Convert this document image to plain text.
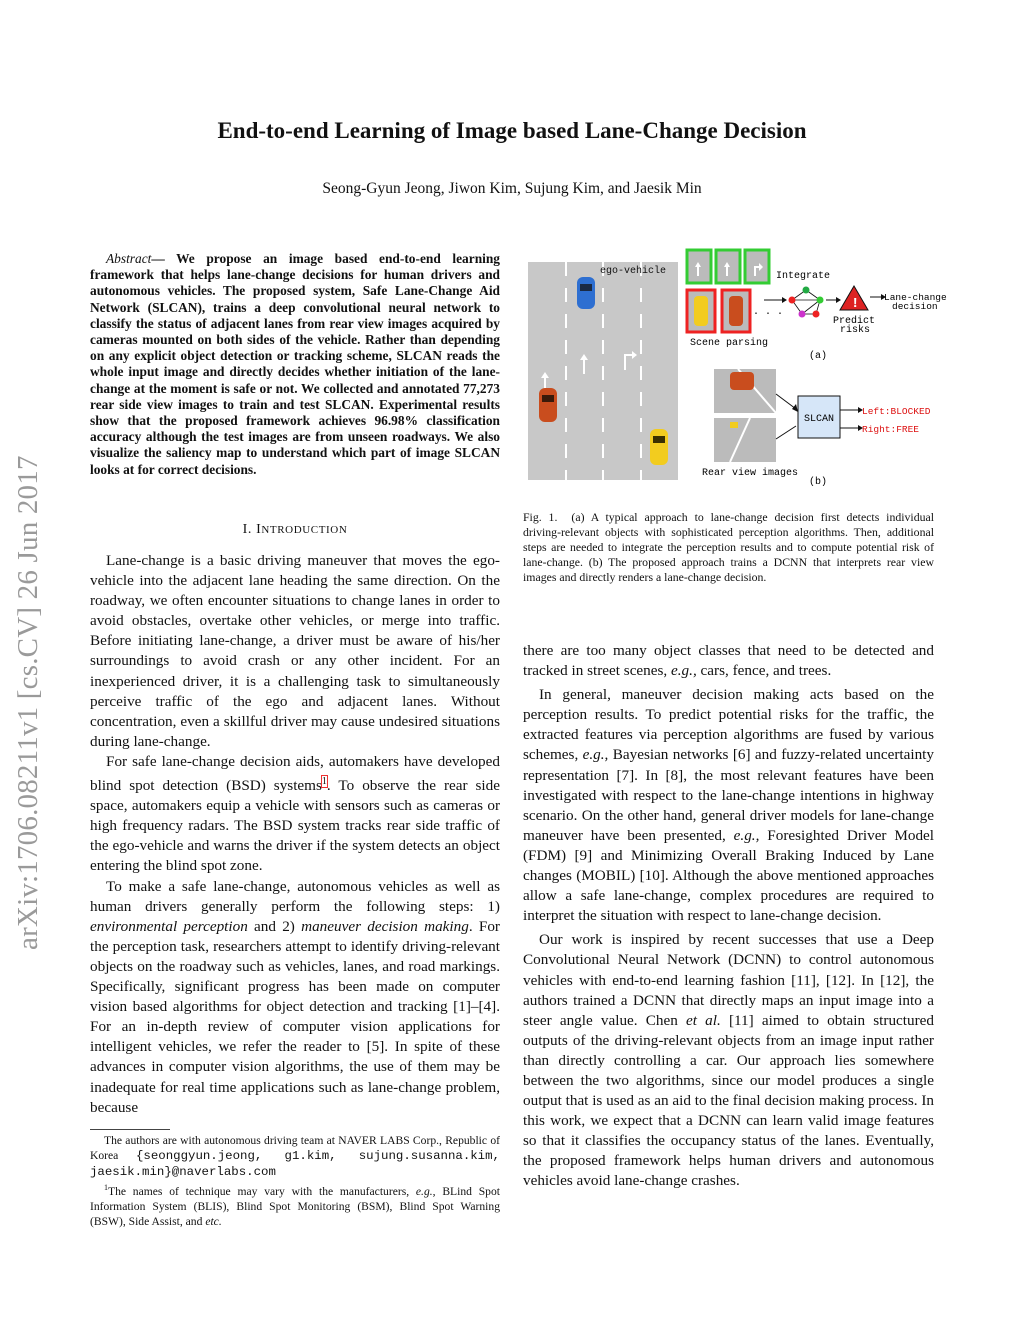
arXiv:1706.08211v1 [cs.CV] 26 Jun 2017
End-to-end Learning of Image based Lane-Change Decision
Seong-Gyun Jeong, Jiwon Kim, Sujung Kim, and Jaesik Min
Abstract— We propose an image based end-to-end learning framework that helps lane-change decisions for human drivers and autonomous vehicles. The proposed system, Safe Lane-Change Aid Network (SLCAN), trains a deep convolutional neural network to classify the status of adjacent lanes from rear view images acquired by cameras mounted on both sides of the vehicle. Rather than depending on any explicit object detection or tracking scheme, SLCAN reads the whole input image and directly decides whether initiation of the lane-change at the moment is safe or not. We collected and annotated 77,273 rear side view images to train and test SLCAN. Experimental results show that the proposed framework achieves 96.98% classification accuracy although the test images are from unseen roadways. We also visualize the saliency map to understand which part of image SLCAN looks at for correct decisions.
I. INTRODUCTION

Lane-change is a basic driving maneuver that moves the ego-vehicle into the adjacent lane heading the same direction. On the roadway, we often encounter situations to change lanes in order to avoid obstacles, overtake other vehicles, or merge into traffic. Before initiating lane-change, a driver must be aware of his/her surroundings to avoid crash or any other incident. For an inexperienced driver, it is a challenging task to simultaneously perceive traffic of the ego and adjacent lanes. Without concentration, even a skillful driver may cause undesired situations during lane-change.

For safe lane-change decision aids, automakers have developed blind spot detection (BSD) systems$^1$. To observe the rear side space, automakers equip a vehicle with sensors such as cameras or high frequency radars. The BSD system tracks rear side traffic of the ego-vehicle and warns the driver if the system detects an object entering the blind spot zone.

To make a safe lane-change, autonomous vehicles as well as human drivers generally perform the following steps: 1) environmental perception and 2) maneuver decision making. For the perception task, researchers attempt to identify driving-relevant objects on the roadway such as vehicles, lanes, and road markings. Specifically, significant progress has been made on computer vision based algorithms for object detection and tracking [1]–[4]. For an in-depth review of computer vision applications for intelligent vehicles, we refer the reader to [5]. In spite of these advances in computer vision algorithms, the use of them may be inadequate for real time applications such as lane-change problem, because

The authors are with autonomous driving team at NAVER LABS Corp., Republic of Korea {seonggyun.jeong, g1.kim, sujung.susanna.kim, jaesik.min}@naverlabs.com

$^1$The names of technique may vary with the manufacturers, e.g., BLind Spot Information System (BLIS), Blind Spot Monitoring (BSM), Blind Spot Warning (BSW), Side Assist, and etc.

ego-vehicle
. . .
Scene parsing
Integrate
!
Predict
risks
Lane-change
decision
(a)
SLCAN
Left:BLOCKED
Right:FREE
Rear view images
(b)
Fig. 1. (a) A typical approach to lane-change decision first detects individual driving-relevant objects with sophisticated perception algorithms. Then, additional steps are needed to integrate the perception results and to compute potential risk of lane-change. (b) The proposed approach trains a DCNN that interprets rear view images and directly renders a lane-change decision.

there are too many object classes that need to be detected and tracked in street scenes, e.g., cars, fence, and trees.

In general, maneuver decision making acts based on the perception results. To predict potential risks for the traffic, the extracted features via perception algorithms are fused by various schemes, e.g., Bayesian networks [6] and fuzzy-related uncertainty representation [7]. In [8], the most relevant features have been investigated with respect to the lane-change intentions in highway scenario. On the other hand, general driver models for lane-change maneuver have been presented, e.g., Foresighted Driver Model (FDM) [9] and Minimizing Overall Braking Induced by Lane changes (MOBIL) [10]. Although the above mentioned approaches allow a safe lane-change, complex procedures are required to interpret the situation with respect to lane-change decision.

Our work is inspired by recent successes that use a Deep Convolutional Neural Network (DCNN) to control autonomous vehicles with end-to-end learning fashion [11], [12]. In [12], the authors trained a DCNN that directly maps an input image into a steer angle value. Chen et al. [11] aimed to obtain structured outputs of the driving-relevant objects from an image input rather than directly controlling a car. Our approach lies somewhere between the two algorithms, since our model produces a single output that is used as an aid to the final decision making process. In this work, we expect that a DCNN can learn valid image features so that it classifies the occupancy status of the lanes. Eventually, the proposed framework helps human drivers and autonomous vehicles avoid lane-change crashes.
